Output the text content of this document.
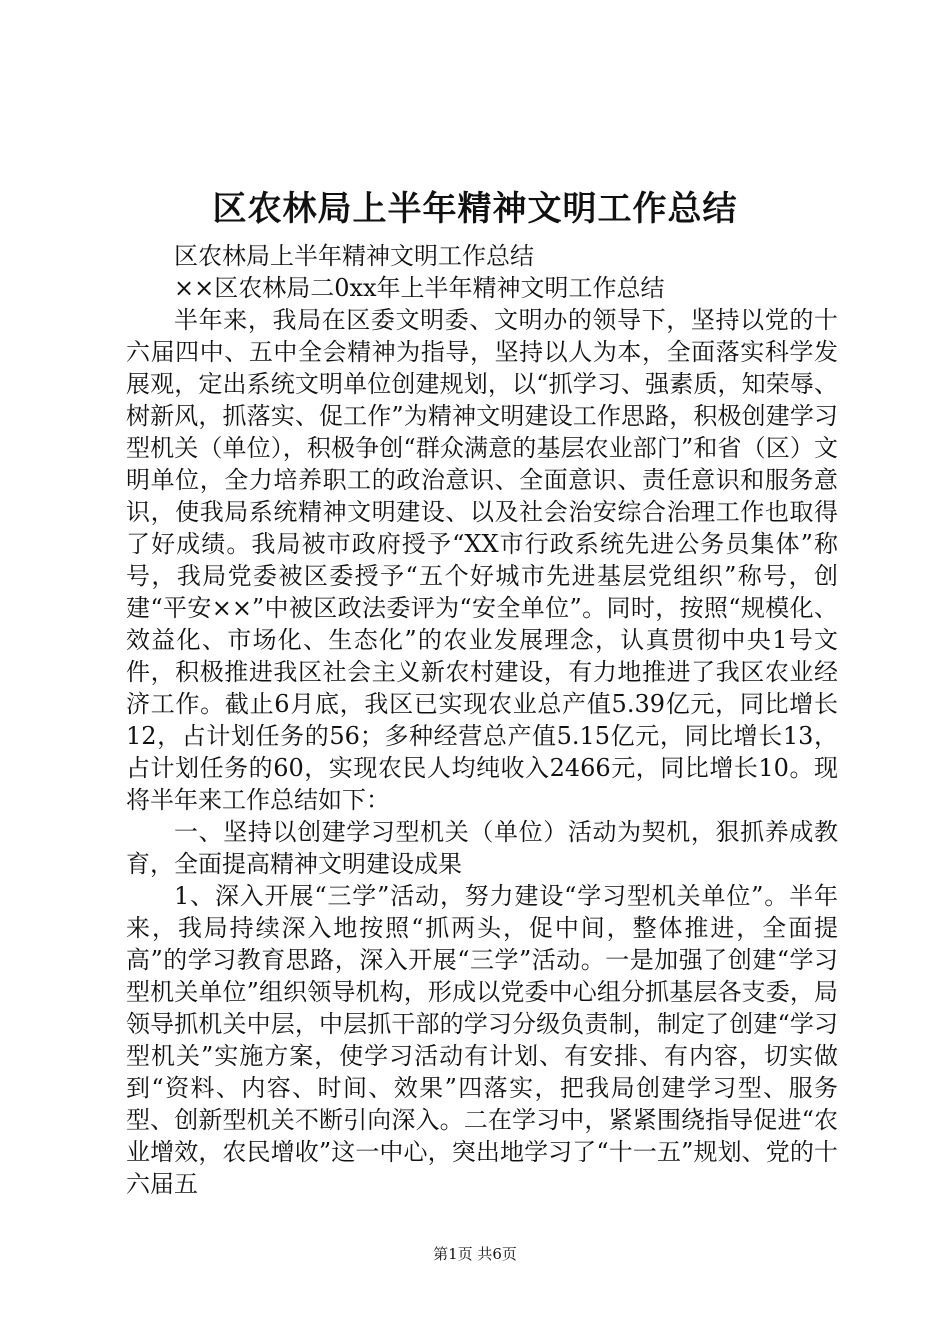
区农林局上半年精神文明工作总结

区农林局上半年精神文明工作总结

××区农林局二0xx年上半年精神文明工作总结

半年来，我局在区委文明委、文明办的领导下，坚持以党的十六届四中、五中全会精神为指导，坚持以人为本，全面落实科学发展观，定出系统文明单位创建规划，以“抓学习、强素质，知荣辱、树新风，抓落实、促工作”为精神文明建设工作思路，积极创建学习型机关（单位），积极争创“群众满意的基层农业部门”和省（区）文明单位，全力培养职工的政治意识、全面意识、责任意识和服务意识，使我局系统精神文明建设、以及社会治安综合治理工作也取得了好成绩。我局被市政府授予“XX市行政系统先进公务员集体”称号，我局党委被区委授予“五个好城市先进基层党组织”称号，创建“平安××”中被区政法委评为“安全单位”。同时，按照“规模化、效益化、市场化、生态化”的农业发展理念，认真贯彻中央1号文件，积极推进我区社会主义新农村建设，有力地推进了我区农业经济工作。截止6月底，我区已实现农业总产值5.39亿元，同比增长12，占计划任务的56；多种经营总产值5.15亿元，同比增长13，占计划任务的60，实现农民人均纯收入2466元，同比增长10。现将半年来工作总结如下：

一、坚持以创建学习型机关（单位）活动为契机，狠抓养成教育，全面提高精神文明建设成果

1、深入开展“三学”活动，努力建设“学习型机关单位”。半年来，我局持续深入地按照“抓两头，促中间，整体推进，全面提高”的学习教育思路，深入开展“三学”活动。一是加强了创建“学习型机关单位”组织领导机构，形成以党委中心组分抓基层各支委，局领导抓机关中层，中层抓干部的学习分级负责制，制定了创建“学习型机关”实施方案，使学习活动有计划、有安排、有内容，切实做到“资料、内容、时间、效果”四落实，把我局创建学习型、服务型、创新型机关不断引向深入。二在学习中，紧紧围绕指导促进“农业增效，农民增收”这一中心，突出地学习了“十一五”规划、党的十六届五

第1页 共6页
